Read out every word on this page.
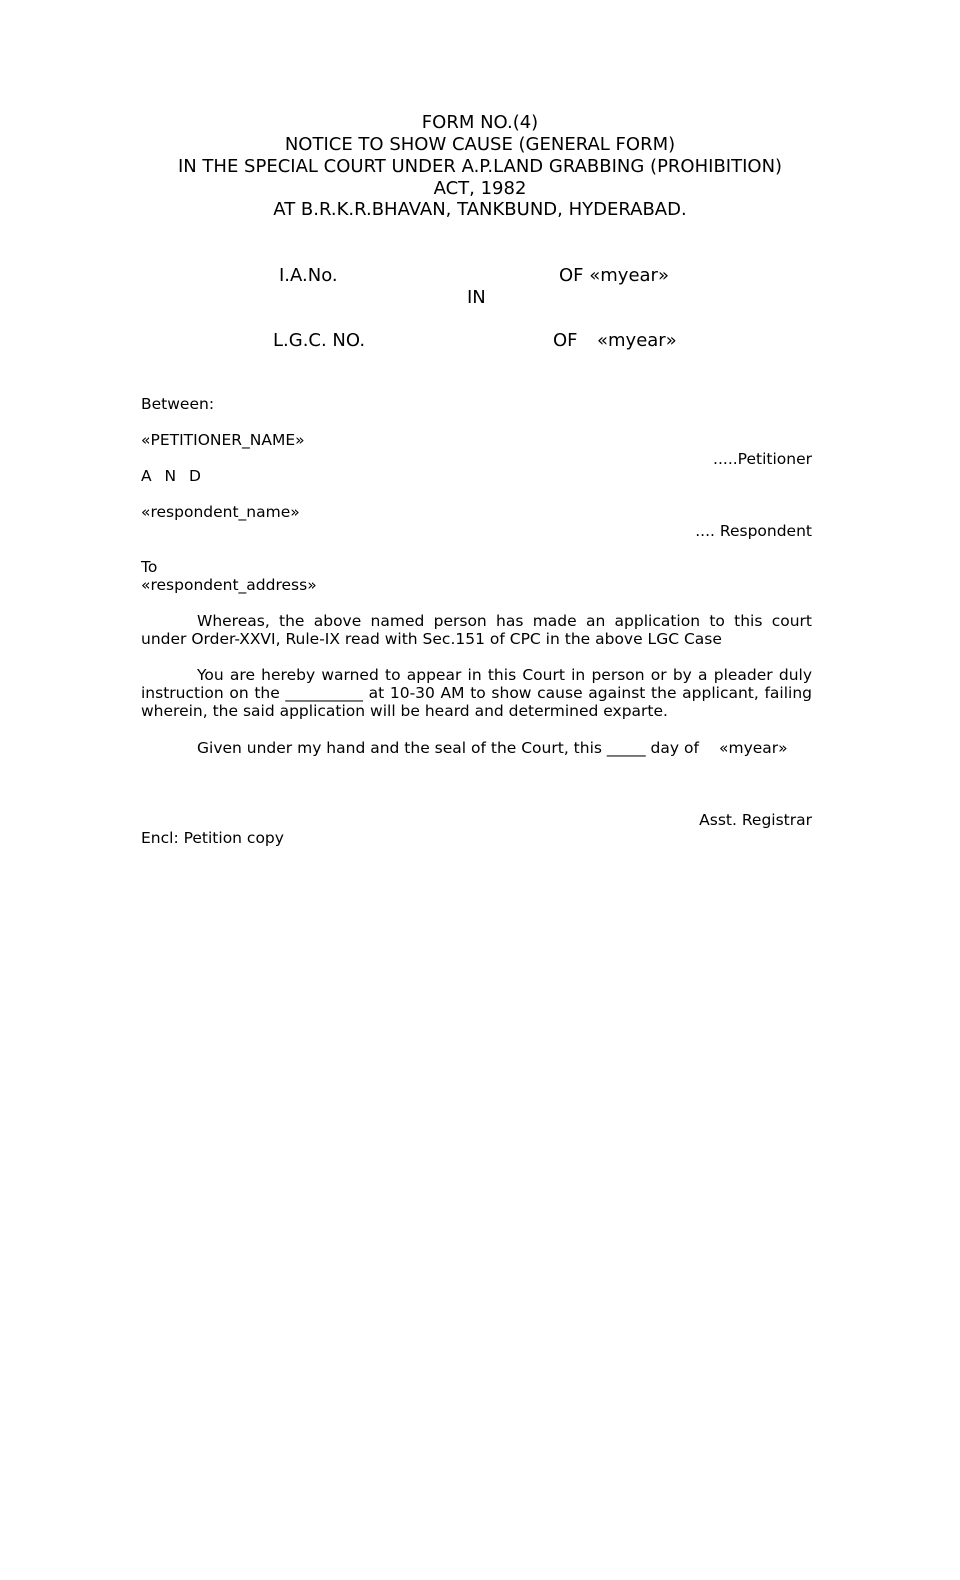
FORM NO.(4)
NOTICE TO SHOW CAUSE (GENERAL FORM)
IN THE SPECIAL COURT UNDER A.P.LAND GRABBING (PROHIBITION)
ACT, 1982
AT B.R.K.R.BHAVAN, TANKBUND, HYDERABAD.
I.A.No.	OF «myear»
IN
L.G.C. NO.	OF «myear»
Between:
«PETITIONER_NAME»
.....Petitioner
A N D
«respondent_name»
.... Respondent
To
«respondent_address»
Whereas, the above named person has made an application to this court under Order-XXVI, Rule-IX read with Sec.151 of CPC in the above LGC Case
You are hereby warned to appear in this Court in person or by a pleader duly instruction on the __________ at 10-30 AM to show cause against the applicant, failing wherein, the said application will be heard and determined exparte.
Given under my hand and the seal of the Court, this _____ day of «myear»
Asst. Registrar
Encl: Petition copy
